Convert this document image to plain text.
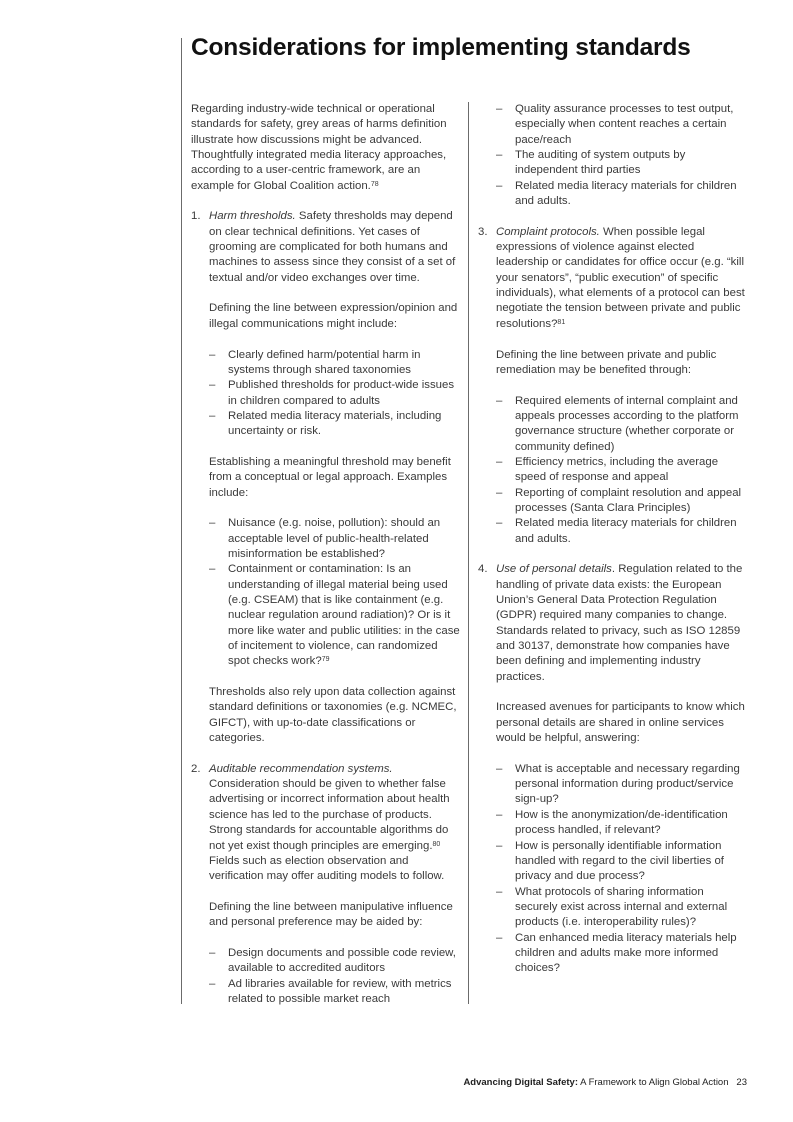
Considerations for implementing standards

Regarding industry-wide technical or operational standards for safety, grey areas of harms definition illustrate how discussions might be advanced. Thoughtfully integrated media literacy approaches, according to a user-centric framework, are an example for Global Coalition action.$^{78}$

1. Harm thresholds. Safety thresholds may depend on clear technical definitions. Yet cases of grooming are complicated for both humans and machines to assess since they consist of a set of textual and/or video exchanges over time.

Defining the line between expression/opinion and illegal communications might include:

– Clearly defined harm/potential harm in systems through shared taxonomies

– Published thresholds for product-wide issues in children compared to adults

– Related media literacy materials, including uncertainty or risk.

Establishing a meaningful threshold may benefit from a conceptual or legal approach. Examples include:

– Nuisance (e.g. noise, pollution): should an acceptable level of public-health-related misinformation be established?

– Containment or contamination: Is an understanding of illegal material being used (e.g. CSEAM) that is like containment (e.g. nuclear regulation around radiation)? Or is it more like water and public utilities: in the case of incitement to violence, can randomized spot checks work?$^{79}$

Thresholds also rely upon data collection against standard definitions or taxonomies (e.g. NCMEC, GIFCT), with up-to-date classifications or categories.

2. Auditable recommendation systems.
Consideration should be given to whether false advertising or incorrect information about health science has led to the purchase of products. Strong standards for accountable algorithms do not yet exist though principles are emerging.$^{80}$ Fields such as election observation and verification may offer auditing models to follow.

Defining the line between manipulative influence and personal preference may be aided by:

– Design documents and possible code review, available to accredited auditors

– Ad libraries available for review, with metrics related to possible market reach

– Quality assurance processes to test output, especially when content reaches a certain pace/reach

– The auditing of system outputs by independent third parties

– Related media literacy materials for children and adults.

3. Complaint protocols. When possible legal expressions of violence against elected leadership or candidates for office occur (e.g. “kill your senators”, “public execution” of specific individuals), what elements of a protocol can best negotiate the tension between private and public resolutions?$^{81}$

Defining the line between private and public remediation may be benefited through:

– Required elements of internal complaint and appeals processes according to the platform governance structure (whether corporate or community defined)

– Efficiency metrics, including the average speed of response and appeal

– Reporting of complaint resolution and appeal processes (Santa Clara Principles)

– Related media literacy materials for children and adults.

4. Use of personal details. Regulation related to the handling of private data exists: the European Union’s General Data Protection Regulation (GDPR) required many companies to change. Standards related to privacy, such as ISO 12859 and 30137, demonstrate how companies have been defining and implementing industry practices.

Increased avenues for participants to know which personal details are shared in online services would be helpful, answering:

– What is acceptable and necessary regarding personal information during product/service sign-up?

– How is the anonymization/de-identification process handled, if relevant?

– How is personally identifiable information handled with regard to the civil liberties of privacy and due process?

– What protocols of sharing information securely exist across internal and external products (i.e. interoperability rules)?

– Can enhanced media literacy materials help children and adults make more informed choices?

Advancing Digital Safety: A Framework to Align Global Action 23
